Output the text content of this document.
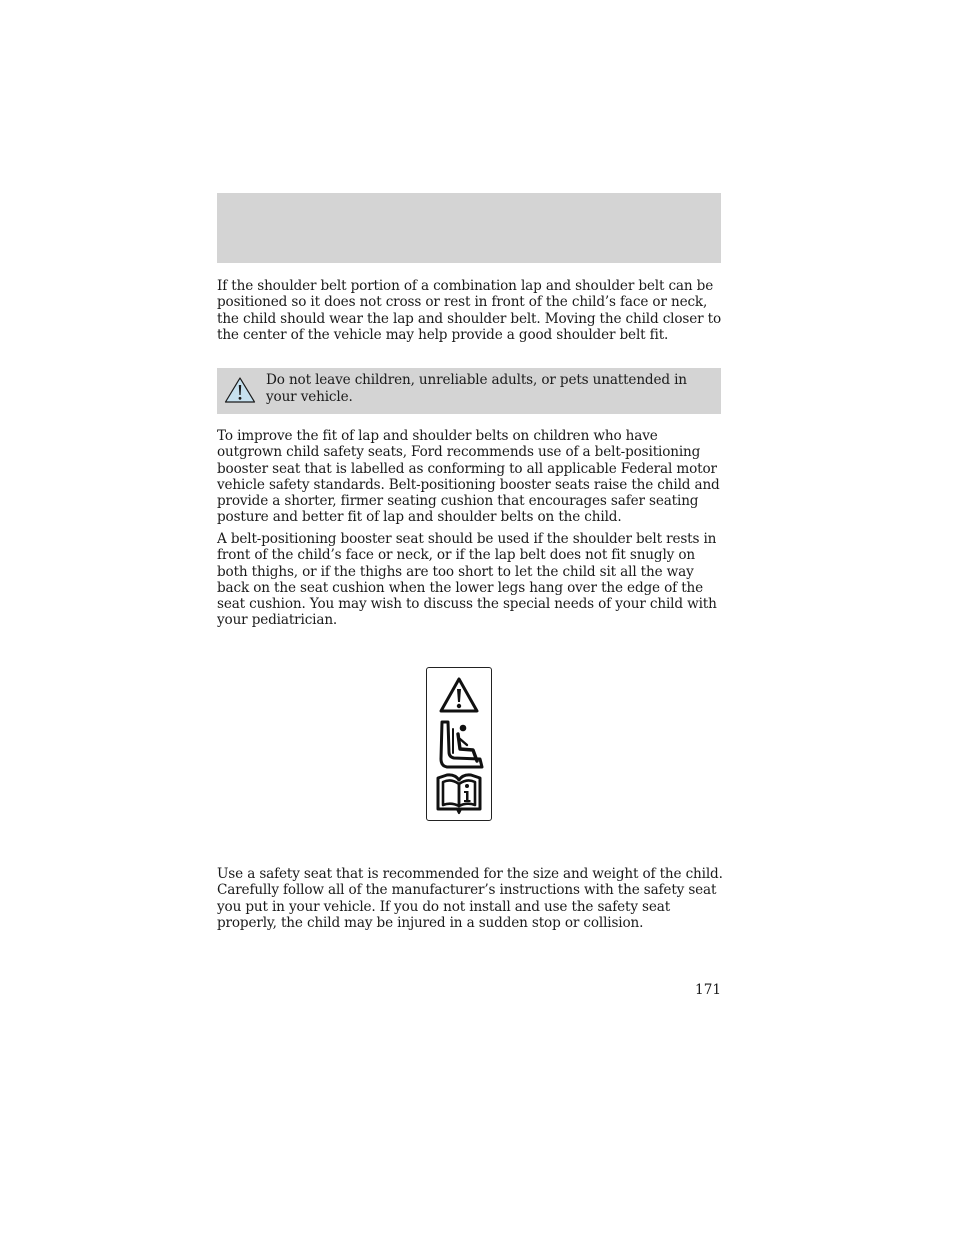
If the shoulder belt portion of a combination lap and shoulder belt can be positioned so it does not cross or rest in front of the child’s face or neck, the child should wear the lap and shoulder belt. Moving the child closer to the center of the vehicle may help provide a good shoulder belt fit.

Do not leave children, unreliable adults, or pets unattended in your vehicle.

To improve the fit of lap and shoulder belts on children who have outgrown child safety seats, Ford recommends use of a belt-positioning booster seat that is labelled as conforming to all applicable Federal motor vehicle safety standards. Belt-positioning booster seats raise the child and provide a shorter, firmer seating cushion that encourages safer seating posture and better fit of lap and shoulder belts on the child.

A belt-positioning booster seat should be used if the shoulder belt rests in front of the child’s face or neck, or if the lap belt does not fit snugly on both thighs, or if the thighs are too short to let the child sit all the way back on the seat cushion when the lower legs hang over the edge of the seat cushion. You may wish to discuss the special needs of your child with your pediatrician.

Use a safety seat that is recommended for the size and weight of the child. Carefully follow all of the manufacturer’s instructions with the safety seat you put in your vehicle. If you do not install and use the safety seat properly, the child may be injured in a sudden stop or collision.

171
